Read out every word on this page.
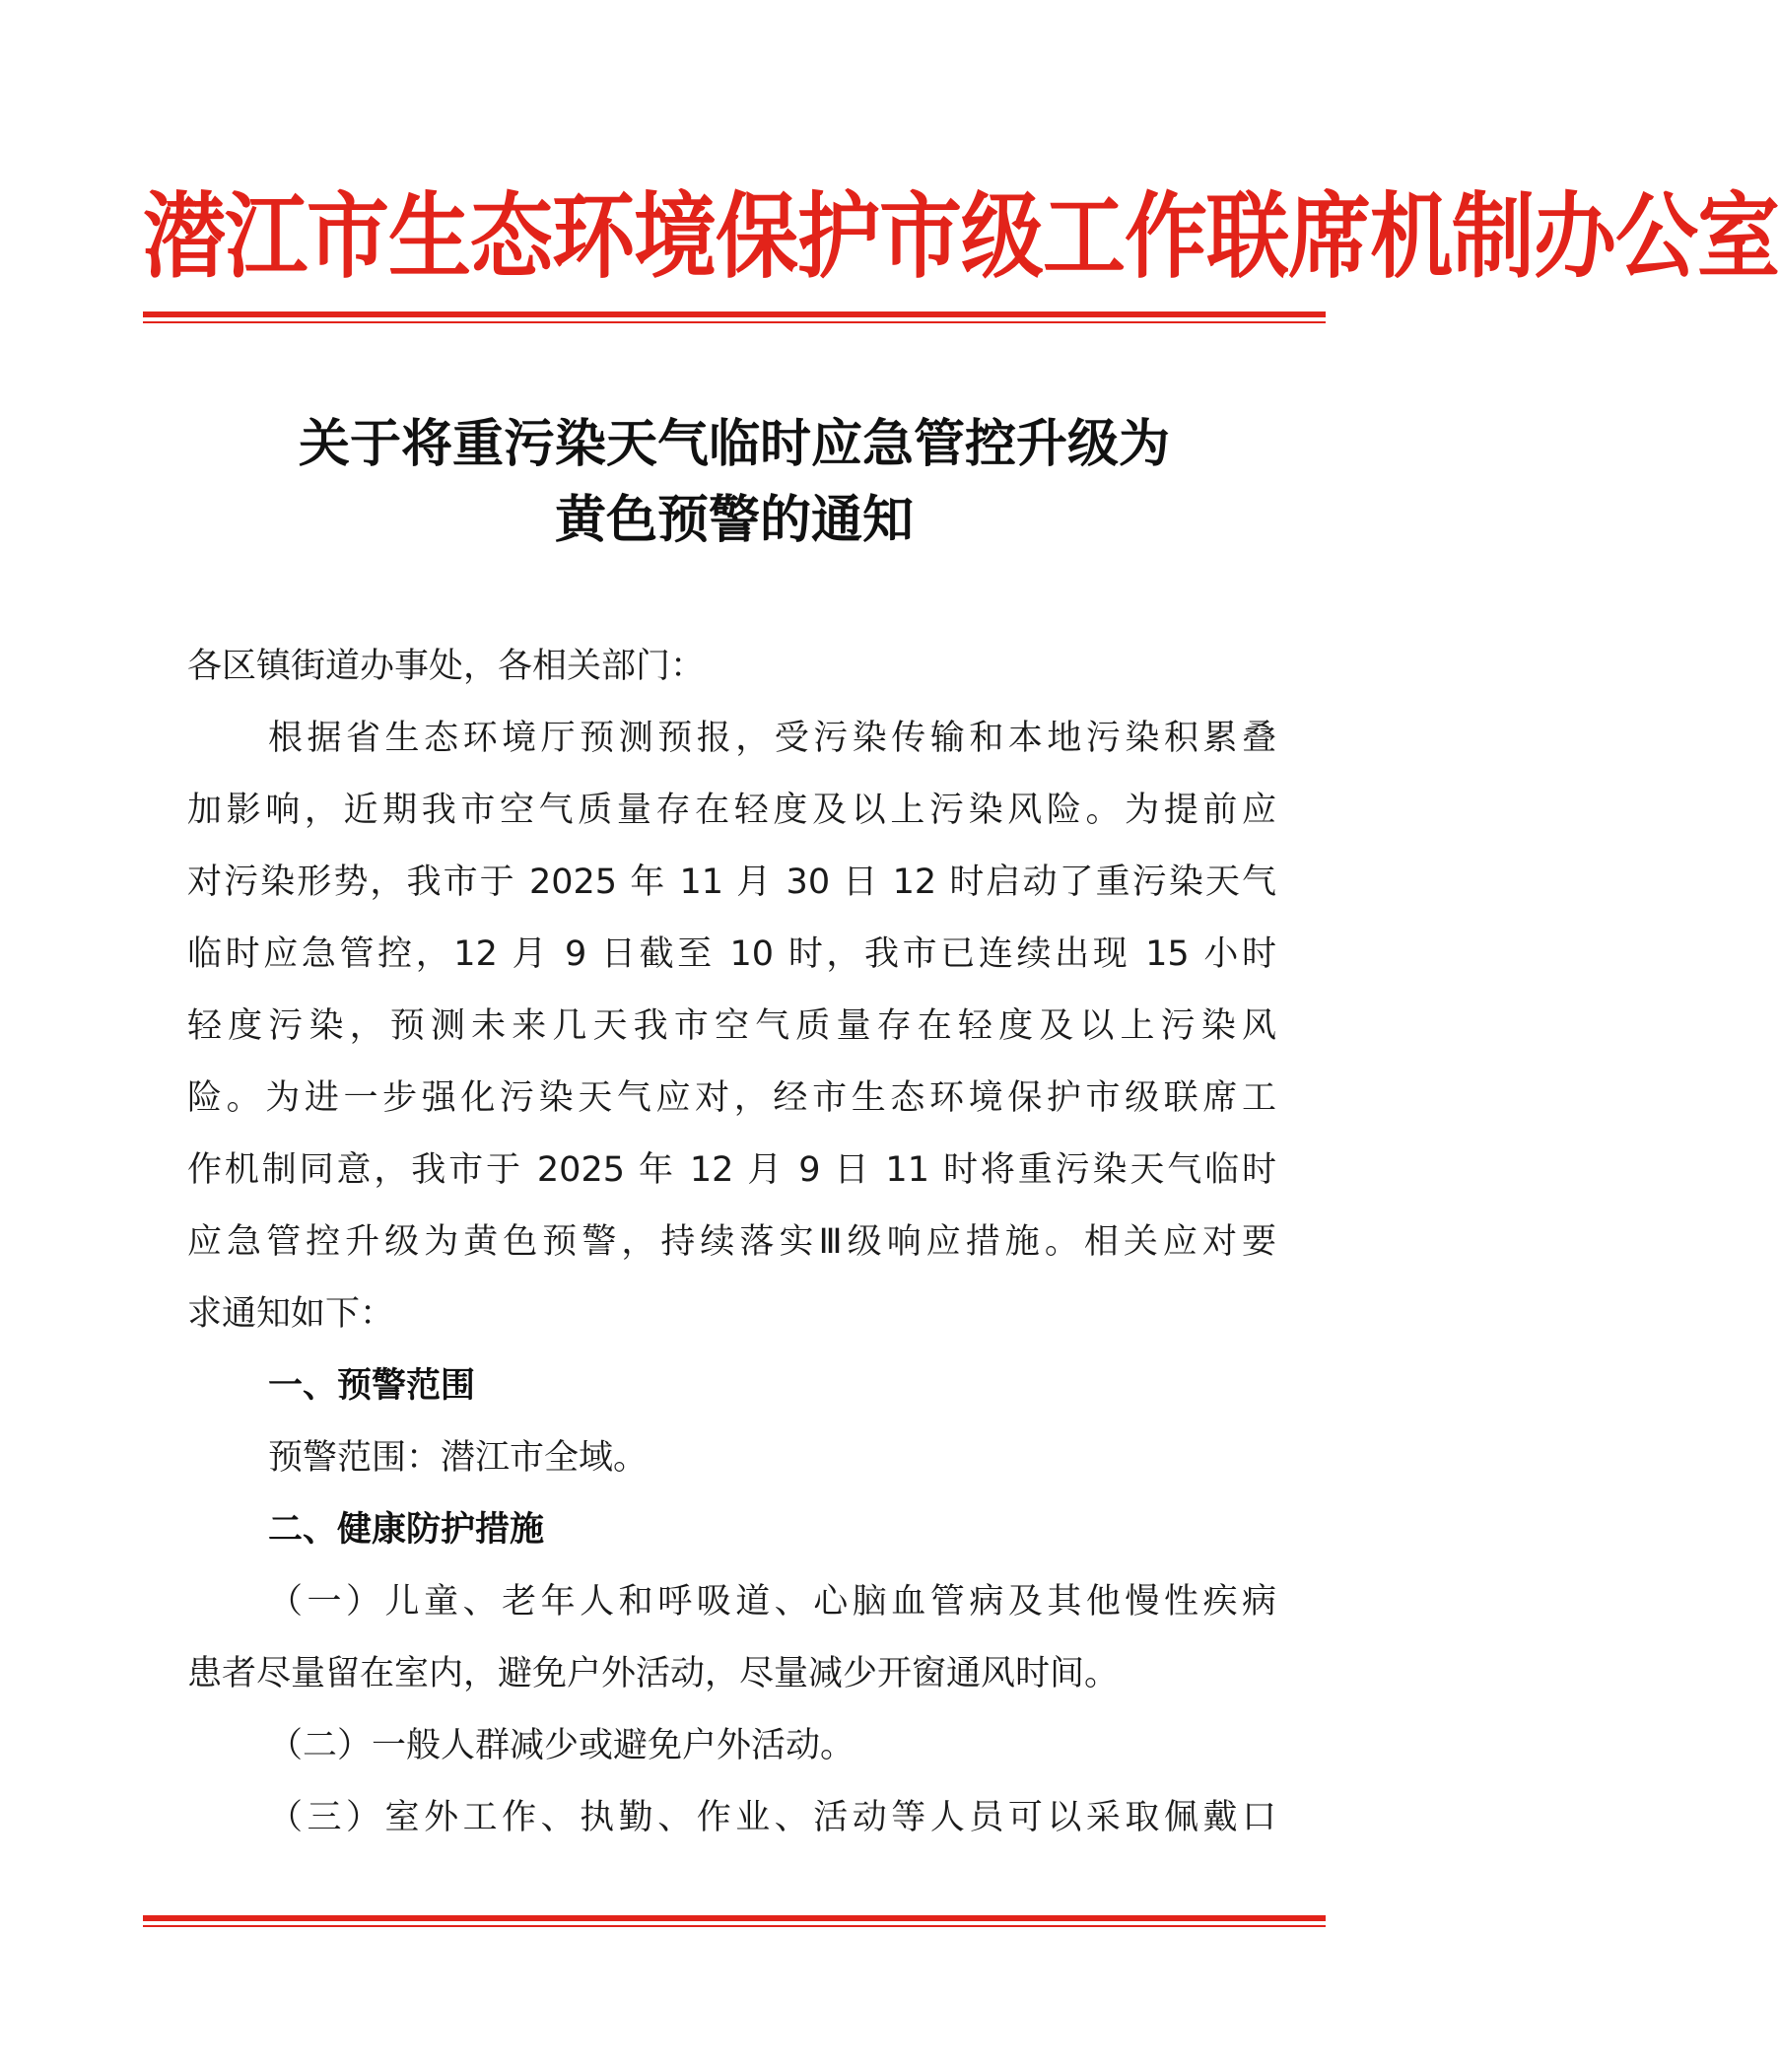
潜江市生态环境保护市级工作联席机制办公室
关于将重污染天气临时应急管控升级为
黄色预警的通知
各区镇街道办事处，各相关部门：
根据省生态环境厅预测预报，受污染传输和本地污染积累叠
加影响，近期我市空气质量存在轻度及以上污染风险。为提前应
对污染形势，我市于 2025 年 11 月 30 日 12 时启动了重污染天气
临时应急管控，12 月 9 日截至 10 时，我市已连续出现 15 小时
轻度污染，预测未来几天我市空气质量存在轻度及以上污染风
险。为进一步强化污染天气应对，经市生态环境保护市级联席工
作机制同意，我市于 2025 年 12 月 9 日 11 时将重污染天气临时
应急管控升级为黄色预警，持续落实Ⅲ级响应措施。相关应对要
求通知如下：
一、预警范围
预警范围：潜江市全域。
二、健康防护措施
（一）儿童、老年人和呼吸道、心脑血管病及其他慢性疾病
患者尽量留在室内，避免户外活动，尽量减少开窗通风时间。
（二）一般人群减少或避免户外活动。
（三）室外工作、执勤、作业、活动等人员可以采取佩戴口
